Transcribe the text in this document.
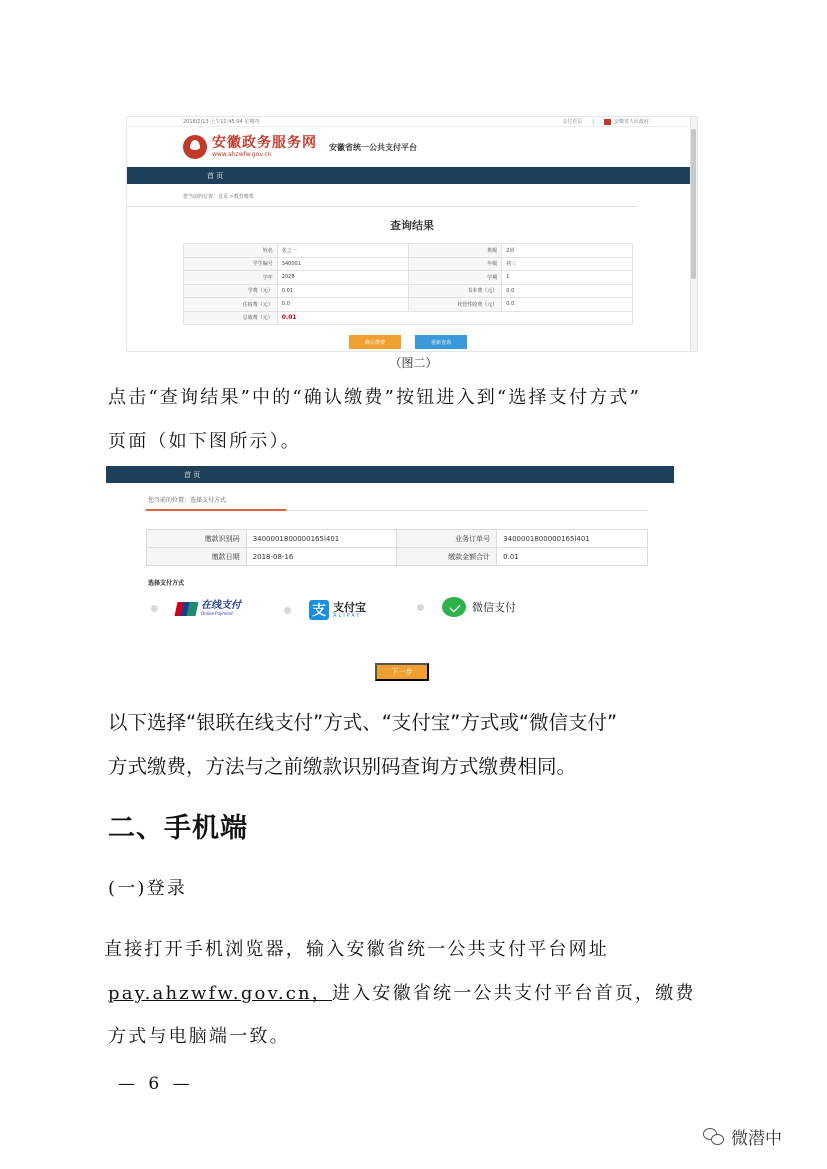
2018/2/13 上午11:45:04 星期四	支付首页 |	安徽省人民政府
安徽政务服务网
www.ahzwfw.gov.cn
安徽省统一公共支付平台
首 页
您当前的位置：首页 >教育缴费
查询结果
姓名	张之一	班级	2班
学生编号	340001	年级	初三
学年	2028	学期	1
学费（元）	0.01	书本费（元）	0.0
住宿费（元）	0.0	代管性收费（元）	0.0
总收费（元）	0.01		
确认缴费	重新查询
（图二）
点击“查询结果”中的“确认缴费”按钮进入到“选择支付方式”
页面（如下图所示）。
首 页
您当前的位置：选择支付方式
缴款识别码	3400001800000165l401	业务订单号	3400001800000165l401
缴款日期	2018-08-16	缴款金额合计	0.01
选择支付方式
在线支付
Online Payment	支 支付宝
ALIPAY
微信支付
下一步
以下选择“银联在线支付”方式、“支付宝”方式或“微信支付”
方式缴费，方法与之前缴款识别码查询方式缴费相同。
二、手机端
(一)登录
直接打开手机浏览器，输入安徽省统一公共支付平台网址
pay.ahzwfw.gov.cn，进入安徽省统一公共支付平台首页，缴费
方式与电脑端一致。
— 6 —
微潜中
